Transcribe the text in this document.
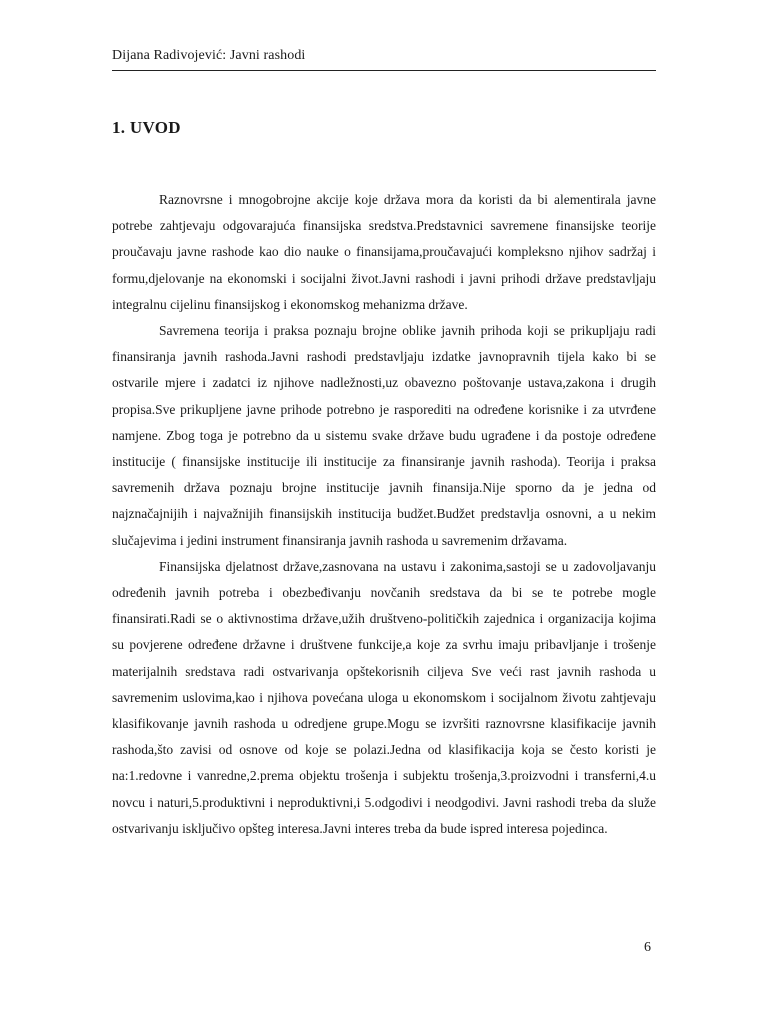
Dijana Radivojević: Javni rashodi
1. UVOD

Raznovrsne i mnogobrojne akcije koje država mora da koristi da bi alementirala javne potrebe zahtjevaju odgovarajuća finansijska sredstva.Predstavnici savremene finansijske teorije proučavaju javne rashode kao dio nauke o finansijama,proučavajući kompleksno njihov sadržaj i formu,djelovanje na ekonomski i socijalni život.Javni rashodi i javni prihodi države predstavljaju integralnu cijelinu finansijskog i ekonomskog mehanizma države.

Savremena teorija i praksa poznaju brojne oblike javnih prihoda koji se prikupljaju radi finansiranja javnih rashoda.Javni rashodi predstavljaju izdatke javnopravnih tijela kako bi se ostvarile mjere i zadatci iz njihove nadležnosti,uz obavezno poštovanje ustava,zakona i drugih propisa.Sve prikupljene javne prihode potrebno je rasporediti na određene korisnike i za utvrđene namjene. Zbog toga je potrebno da u sistemu svake države budu ugrađene i da postoje određene institucije ( finansijske institucije ili institucije za finansiranje javnih rashoda). Teorija i praksa savremenih država poznaju brojne institucije javnih finansija.Nije sporno da je jedna od najznačajnijih i najvažnijih finansijskih institucija budžet.Budžet predstavlja osnovni, a u nekim slučajevima i jedini instrument finansiranja javnih rashoda u savremenim državama.

Finansijska djelatnost države,zasnovana na ustavu i zakonima,sastoji se u zadovoljavanju određenih javnih potreba i obezbeđivanju novčanih sredstava da bi se te potrebe mogle finansirati.Radi se o aktivnostima države,užih društveno-političkih zajednica i organizacija kojima su povjerene određene državne i društvene funkcije,a koje za svrhu imaju pribavljanje i trošenje materijalnih sredstava radi ostvarivanja opštekorisnih ciljeva Sve veći rast javnih rashoda u savremenim uslovima,kao i njihova povećana uloga u ekonomskom i socijalnom životu zahtjevaju klasifikovanje javnih rashoda u odredjene grupe.Mogu se izvršiti raznovrsne klasifikacije javnih rashoda,što zavisi od osnove od koje se polazi.Jedna od klasifikacija koja se često koristi je na:1.redovne i vanredne,2.prema objektu trošenja i subjektu trošenja,3.proizvodni i transferni,4.u novcu i naturi,5.produktivni i neproduktivni,i 5.odgodivi i neodgodivi. Javni rashodi treba da služe ostvarivanju isključivo opšteg interesa.Javni interes treba da bude ispred interesa pojedinca.

6
